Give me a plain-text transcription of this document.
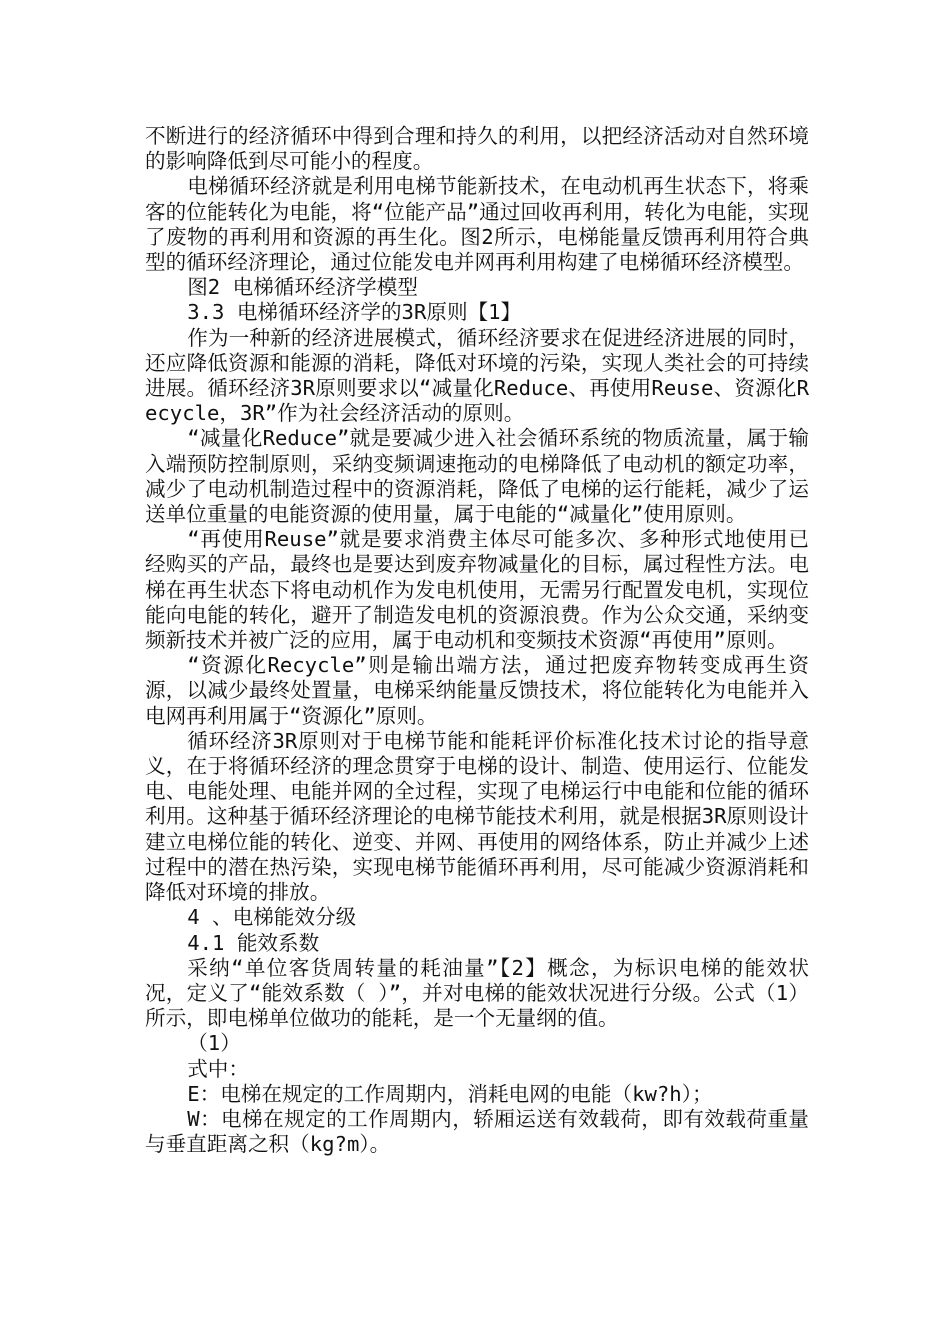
不断进行的经济循环中得到合理和持久的利用，以把经济活动对自然环境的影响降低到尽可能小的程度。

电梯循环经济就是利用电梯节能新技术，在电动机再生状态下，将乘客的位能转化为电能，将“位能产品”通过回收再利用，转化为电能，实现了废物的再利用和资源的再生化。图2所示，电梯能量反馈再利用符合典型的循环经济理论，通过位能发电并网再利用构建了电梯循环经济模型。

图2 电梯循环经济学模型

3.3 电梯循环经济学的3R原则【1】

作为一种新的经济进展模式，循环经济要求在促进经济进展的同时，还应降低资源和能源的消耗，降低对环境的污染，实现人类社会的可持续进展。循环经济3R原则要求以“减量化Reduce、再使用Reuse、资源化Recycle，3R”作为社会经济活动的原则。

“减量化Reduce”就是要减少进入社会循环系统的物质流量，属于输入端预防控制原则，采纳变频调速拖动的电梯降低了电动机的额定功率，减少了电动机制造过程中的资源消耗，降低了电梯的运行能耗，减少了运送单位重量的电能资源的使用量，属于电能的“减量化”使用原则。

“再使用Reuse”就是要求消费主体尽可能多次、多种形式地使用已经购买的产品，最终也是要达到废弃物减量化的目标，属过程性方法。电梯在再生状态下将电动机作为发电机使用，无需另行配置发电机，实现位能向电能的转化，避开了制造发电机的资源浪费。作为公众交通，采纳变频新技术并被广泛的应用，属于电动机和变频技术资源“再使用”原则。

“资源化Recycle”则是输出端方法，通过把废弃物转变成再生资源，以减少最终处置量，电梯采纳能量反馈技术，将位能转化为电能并入电网再利用属于“资源化”原则。

循环经济3R原则对于电梯节能和能耗评价标准化技术讨论的指导意义，在于将循环经济的理念贯穿于电梯的设计、制造、使用运行、位能发电、电能处理、电能并网的全过程，实现了电梯运行中电能和位能的循环利用。这种基于循环经济理论的电梯节能技术利用，就是根据3R原则设计建立电梯位能的转化、逆变、并网、再使用的网络体系，防止并减少上述过程中的潜在热污染，实现电梯节能循环再利用，尽可能减少资源消耗和降低对环境的排放。

4 、电梯能效分级

4.1 能效系数

采纳“单位客货周转量的耗油量”【2】概念，为标识电梯的能效状况，定义了“能效系数（ ）”，并对电梯的能效状况进行分级。公式（1）所示，即电梯单位做功的能耗，是一个无量纲的值。

（1）

式中：

E：电梯在规定的工作周期内，消耗电网的电能（kw?h）；

W：电梯在规定的工作周期内，轿厢运送有效载荷，即有效载荷重量与垂直距离之积（kg?m）。
